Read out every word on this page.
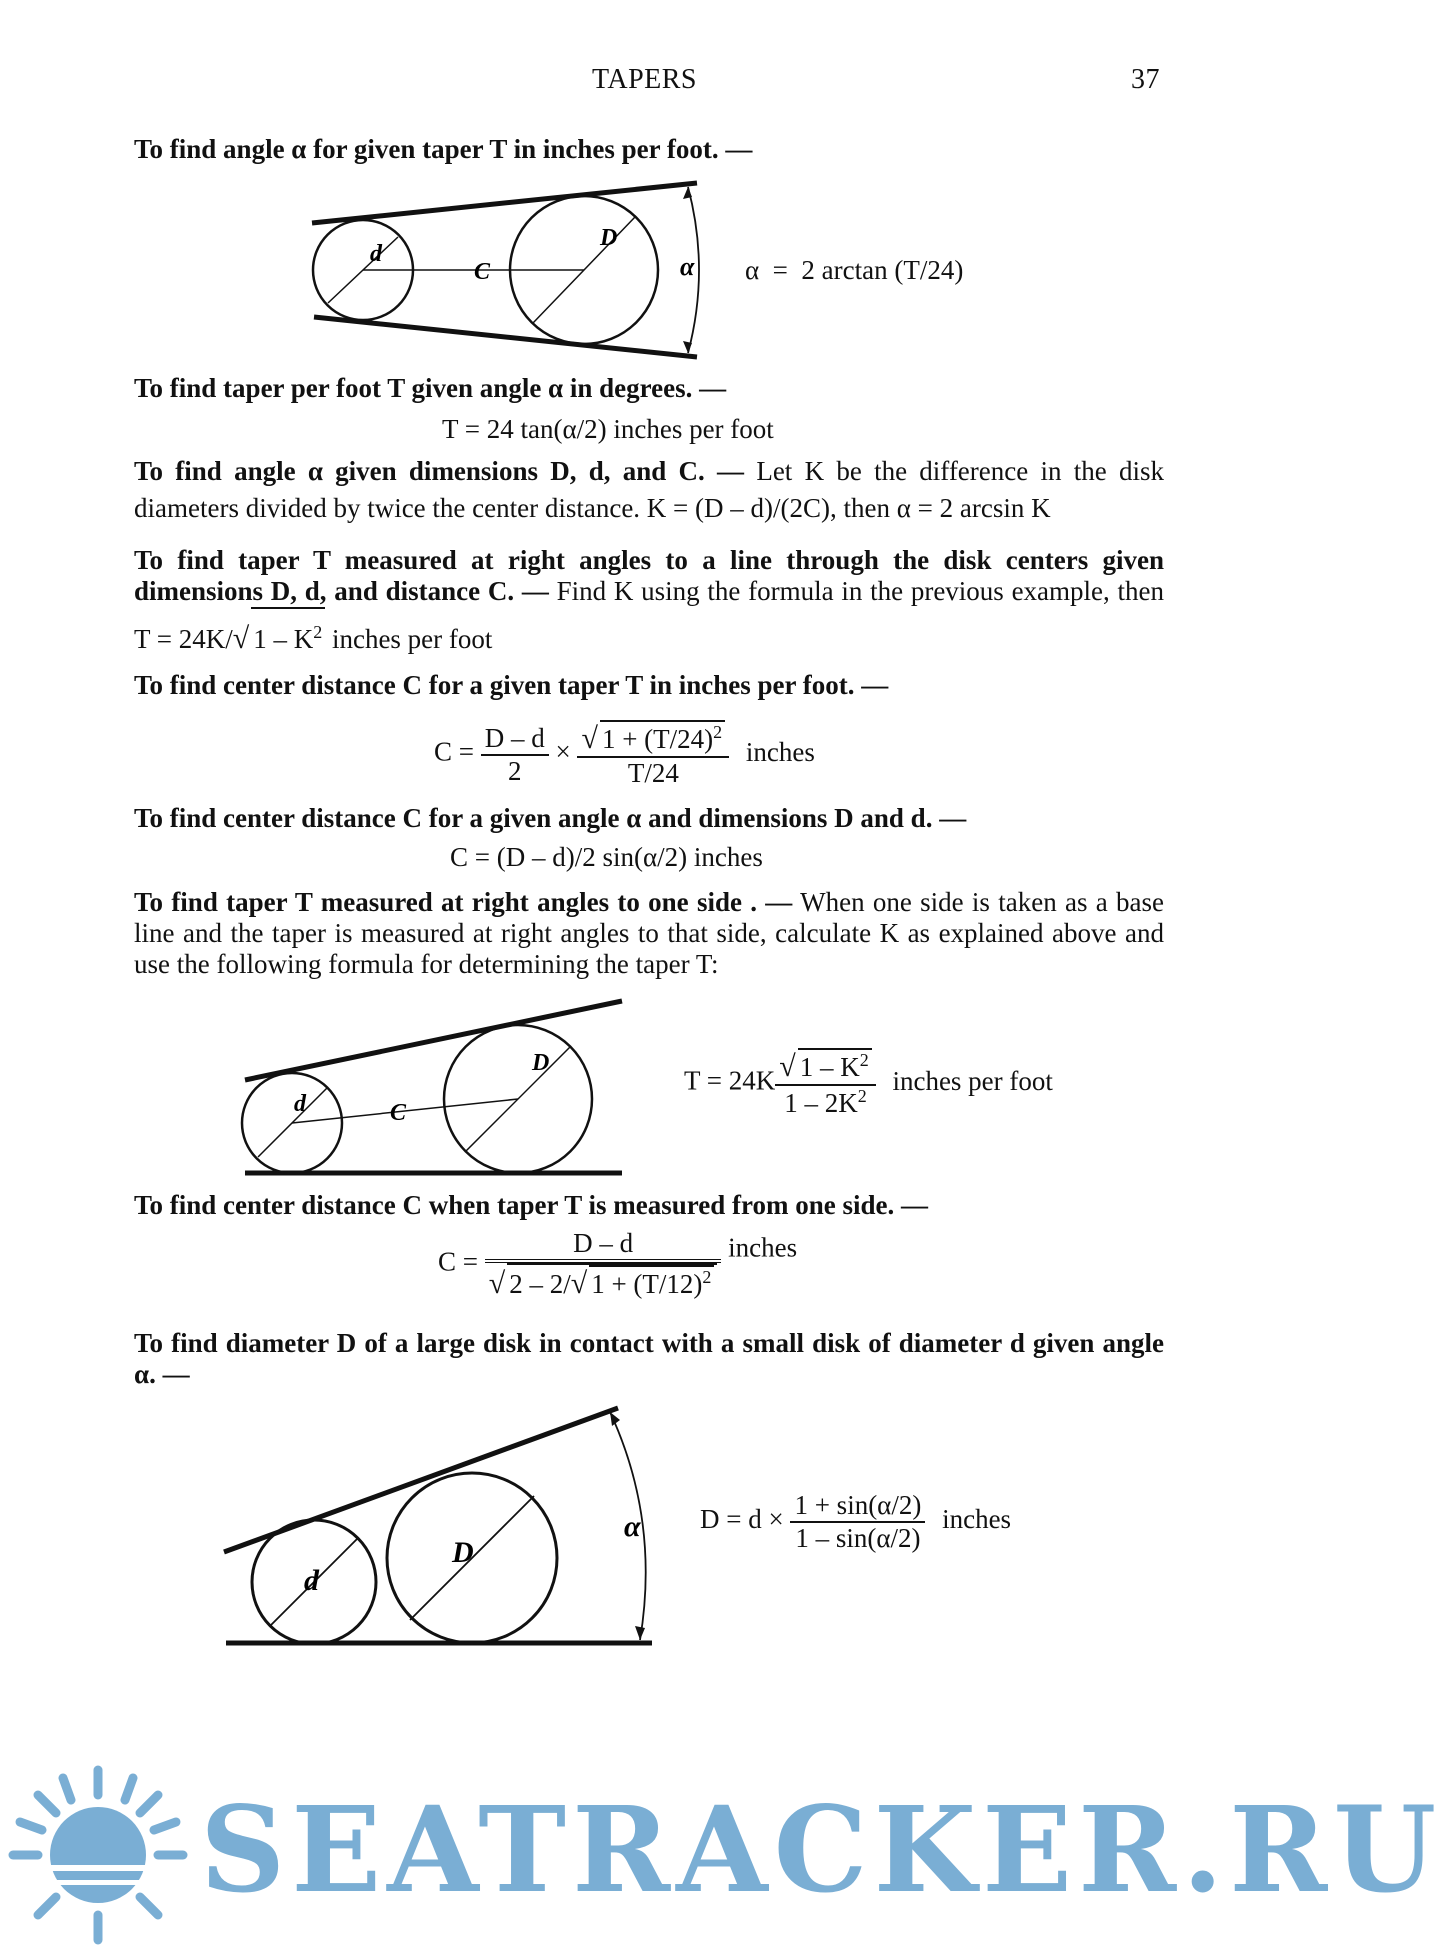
TAPERS	37
To find angle α for given taper T in inches per foot. —
d
C
D
α α  =  2 arctan (T/24)
To find taper per foot T given angle α in degrees. —
T = 24 tan(α/2) inches per foot
To find angle α given dimensions D, d, and C. — Let K be the difference in the disk diameters divided by twice the center distance. K = (D – d)/(2C), then α = 2 arcsin K
To find taper T measured at right angles to a line through the disk centers given dimensions D, d, and distance C. — Find K using the formula in the previous example, then T = 24K/√ $1 - K^2$ inches per foot
To find center distance C for a given taper T in inches per foot. —
$C = \frac{D - d}{2} \times \frac{√ 1 + (T/24)^2}{T/24}$ inches
To find center distance C for a given angle α and dimensions D and d. —
C = (D – d)/2 sin(α/2) inches
To find taper T measured at right angles to one side . — When one side is taken as a base line and the taper is measured at right angles to that side, calculate K as explained above and use the following formula for determining the taper T:
d	C
D
$T = 24K \frac{√ 1 - K^2}{1 - 2K^2}$ inches per foot
To find center distance C when taper T is measured from one side. —
$C = \frac{D - d}{√ 2 - 2/√ 1 + (T/12)^2}$ inches
To find diameter D of a large disk in contact with a small disk of diameter d given angle α. —
d
D
α $D = d \times \frac{1 + \sin(\alpha/2)}{1 - \sin(\alpha/2)}$ inches
SEATRACKER.RU
